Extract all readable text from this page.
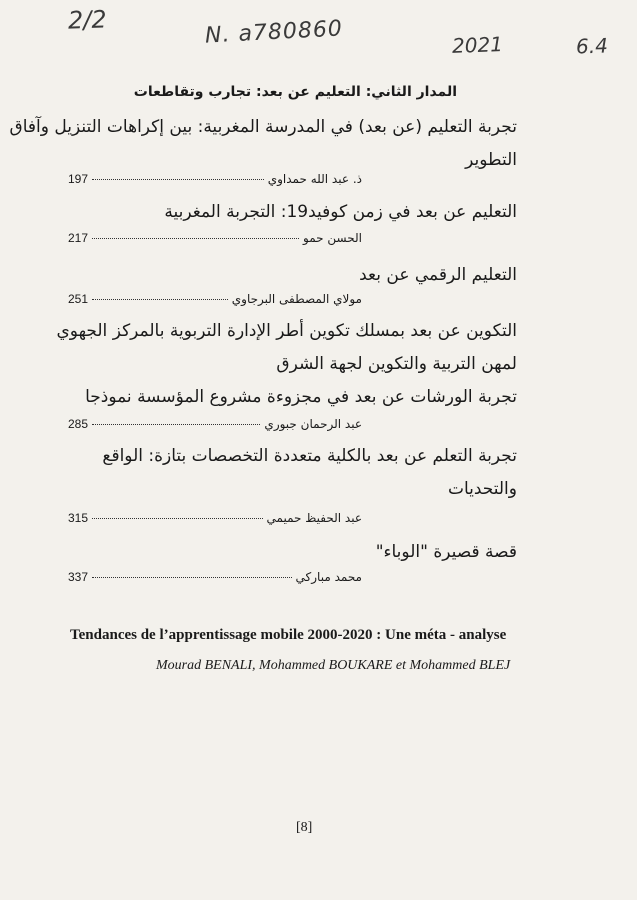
2/2	N. a780860	2021	6.4
المدار الثاني: التعليم عن بعد: تجارب وتقاطعات
تجربة التعليم (عن بعد) في المدرسة المغربية: بين إكراهات التنزيل وآفاق
التطوير
197	ذ. عبد الله حمداوي
التعليم عن بعد في زمن كوفيد19: التجربة المغربية
217	الحسن حمو
التعليم الرقمي عن بعد
251	مولاي المصطفى البرجاوي
التكوين عن بعد بمسلك تكوين أطر الإدارة التربوية بالمركز الجهوي
لمهن التربية والتكوين لجهة الشرق
تجربة الورشات عن بعد في مجزوءة مشروع المؤسسة نموذجا
285	عبد الرحمان جبوري
تجربة التعلم عن بعد بالكلية متعددة التخصصات بتازة: الواقع
والتحديات
315	عبد الحفيظ حميمي
قصة قصيرة "الوباء"
337	محمد مباركي
Tendances de l’apprentissage mobile 2000-2020 : Une méta - analyse
Mourad BENALI, Mohammed BOUKARE et Mohammed BLEJ
[8]
